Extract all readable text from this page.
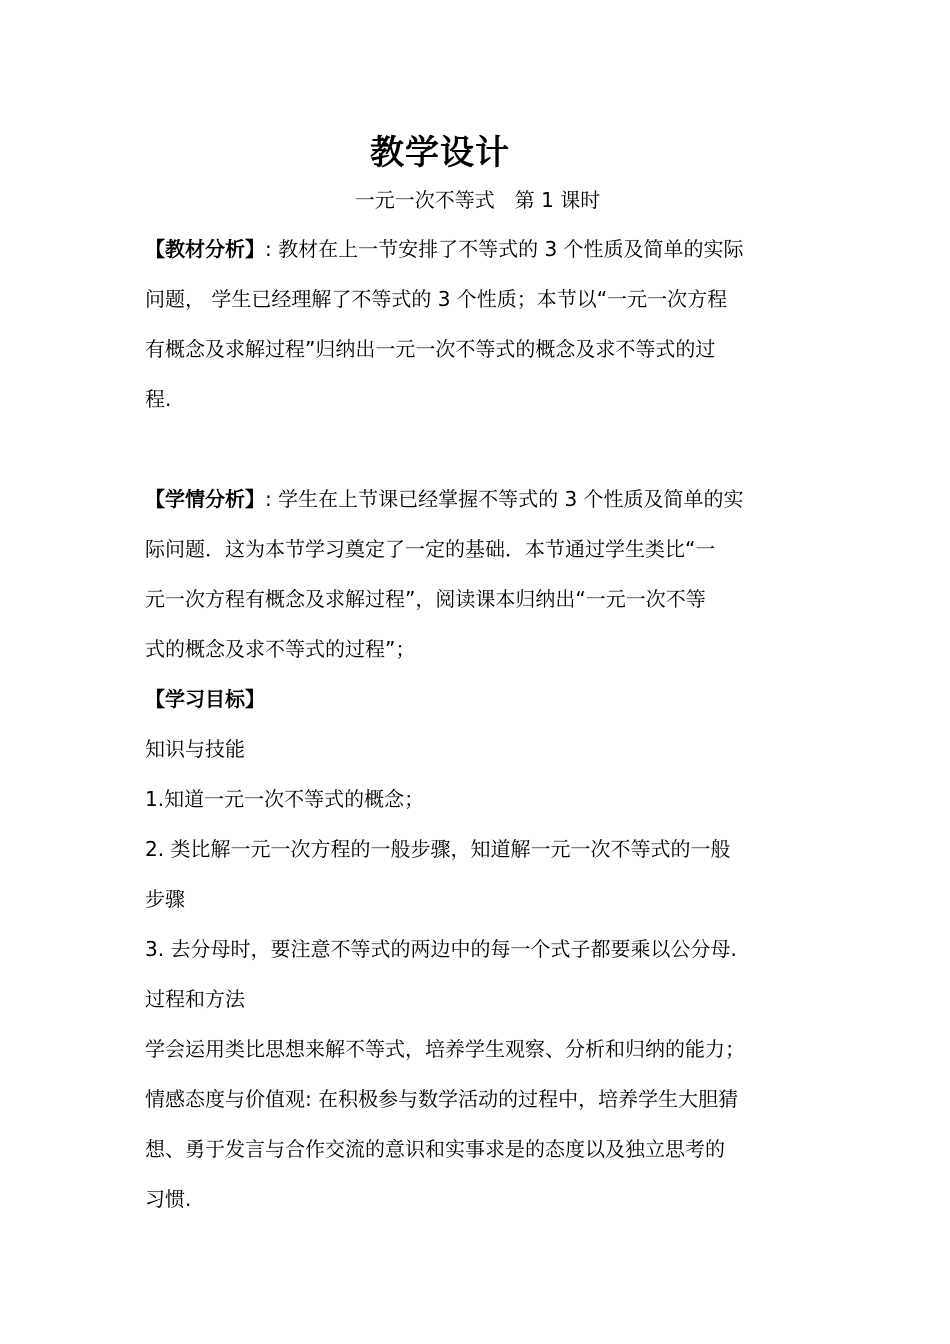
教学设计
一元一次不等式　第 1 课时

【教材分析】: 教材在上一节安排了不等式的 3 个性质及简单的实际

问题， 学生已经理解了不等式的 3 个性质；本节以“一元一次方程

有概念及求解过程”归纳出一元一次不等式的概念及求不等式的过

程.

【学情分析】: 学生在上节课已经掌握不等式的 3 个性质及简单的实

际问题．这为本节学习奠定了一定的基础．本节通过学生类比“一

元一次方程有概念及求解过程”，阅读课本归纳出“一元一次不等

式的概念及求不等式的过程”；

【学习目标】

知识与技能

1.知道一元一次不等式的概念；

2. 类比解一元一次方程的一般步骤，知道解一元一次不等式的一般

步骤

3. 去分母时，要注意不等式的两边中的每一个式子都要乘以公分母.

过程和方法

学会运用类比思想来解不等式，培养学生观察、分析和归纳的能力；

情感态度与价值观: 在积极参与数学活动的过程中，培养学生大胆猜

想、勇于发言与合作交流的意识和实事求是的态度以及独立思考的

习惯.
